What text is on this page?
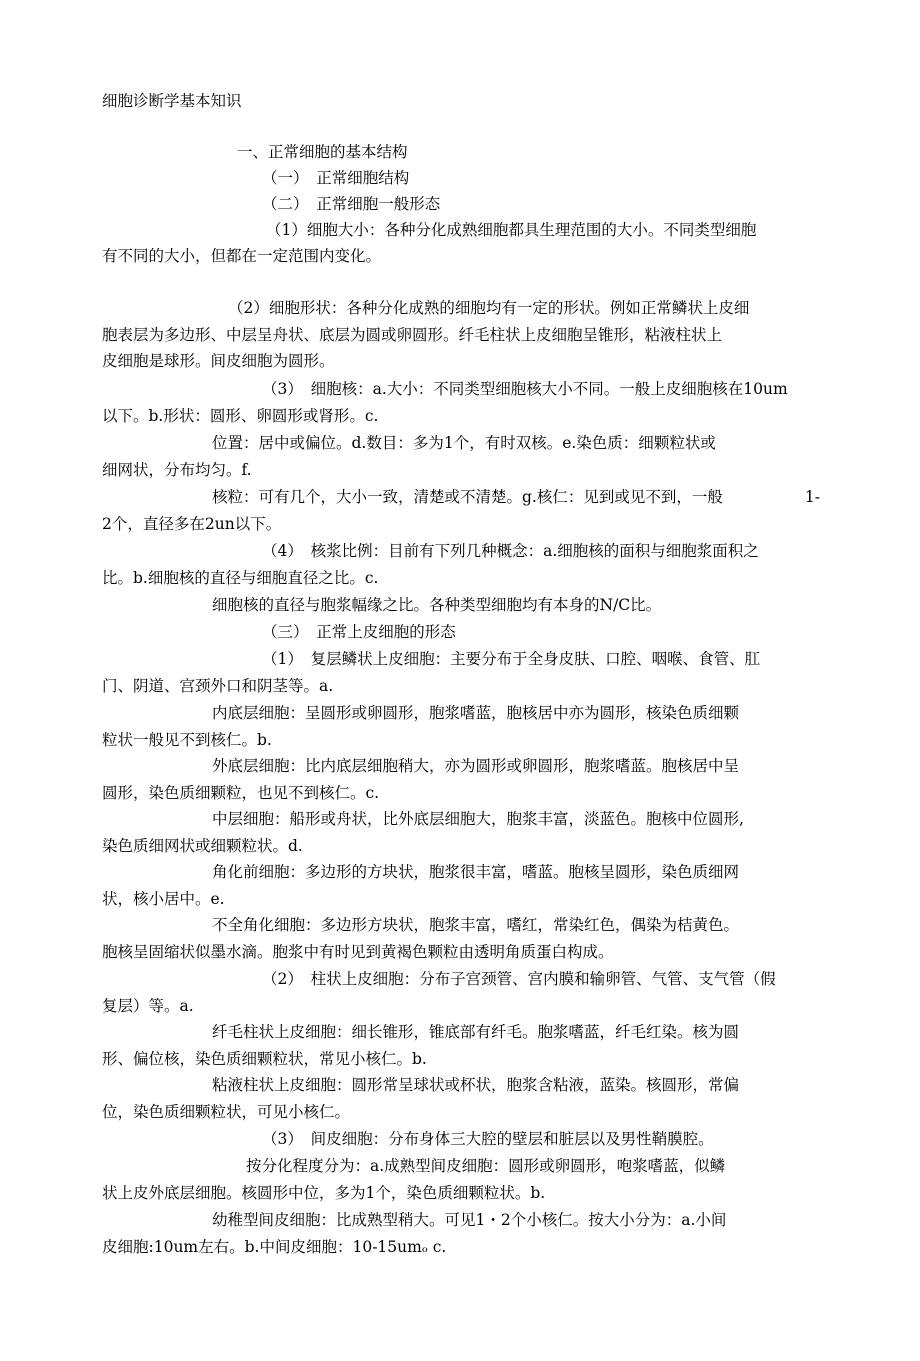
细胞诊断学基本知识
一、正常细胞的基本结构
（一）　正常细胞结构
（二）　正常细胞一般形态
（1）细胞大小：各种分化成熟细胞都具生理范围的大小。不同类型细胞
有不同的大小，但都在一定范围内变化。
（2）细胞形状：各种分化成熟的细胞均有一定的形状。例如正常鳞状上皮细
胞表层为多边形、中层呈舟状、底层为圆或卵圆形。纤毛柱状上皮细胞呈锥形，粘液柱状上
皮细胞是球形。间皮细胞为圆形。
（3）　细胞核：a.大小：不同类型细胞核大小不同。一般上皮细胞核在10um
以下。b.形状：圆形、卵圆形或肾形。c.
位置：居中或偏位。d.数目：多为1个，有时双核。e.染色质：细颗粒状或
细网状，分布均匀。f.
核粒：可有几个，大小一致，清楚或不清楚。g.核仁：见到或见不到，一般	1-
2个，直径多在2un以下。
（4）　核浆比例：目前有下列几种概念：a.细胞核的面积与细胞浆面积之
比。b.细胞核的直径与细胞直径之比。c.
细胞核的直径与胞浆幅缘之比。各种类型细胞均有本身的N/C比。
（三）　正常上皮细胞的形态
（1）　复层鳞状上皮细胞：主要分布于全身皮肤、口腔、咽喉、食管、肛
门、阴道、宫颈外口和阴茎等。a.
内底层细胞：呈圆形或卵圆形，胞浆嗜蓝，胞核居中亦为圆形，核染色质细颗
粒状一般见不到核仁。b.
外底层细胞：比内底层细胞稍大，亦为圆形或卵圆形，胞浆嗜蓝。胞核居中呈
圆形，染色质细颗粒，也见不到核仁。c.
中层细胞：船形或舟状，比外底层细胞大，胞浆丰富，淡蓝色。胞核中位圆形,
染色质细网状或细颗粒状。d.
角化前细胞：多边形的方块状，胞浆很丰富，嗜蓝。胞核呈圆形，染色质细网
状，核小居中。e.
不全角化细胞：多边形方块状，胞浆丰富，嗜红，常染红色，偶染为桔黄色。
胞核呈固缩状似墨水滴。胞浆中有时见到黄褐色颗粒由透明角质蛋白构成。
（2）　柱状上皮细胞：分布子宫颈管、宫内膜和输卵管、气管、支气管（假
复层）等。a.
纤毛柱状上皮细胞：细长锥形，锥底部有纤毛。胞浆嗜蓝，纤毛红染。核为圆
形、偏位核，染色质细颗粒状，常见小核仁。b.
粘液柱状上皮细胞：圆形常呈球状或杯状，胞浆含粘液，蓝染。核圆形，常偏
位，染色质细颗粒状，可见小核仁。
（3）　间皮细胞：分布身体三大腔的壁层和脏层以及男性鞘膜腔。
按分化程度分为：a.成熟型间皮细胞：圆形或卵圆形，咆浆嗜蓝，似鳞
状上皮外底层细胞。核圆形中位，多为1个，染色质细颗粒状。b.
幼稚型间皮细胞：比成熟型稍大。可见1・2个小核仁。按大小分为：a.小间
皮细胞:10um左右。b.中间皮细胞：10-15umₒ c.
